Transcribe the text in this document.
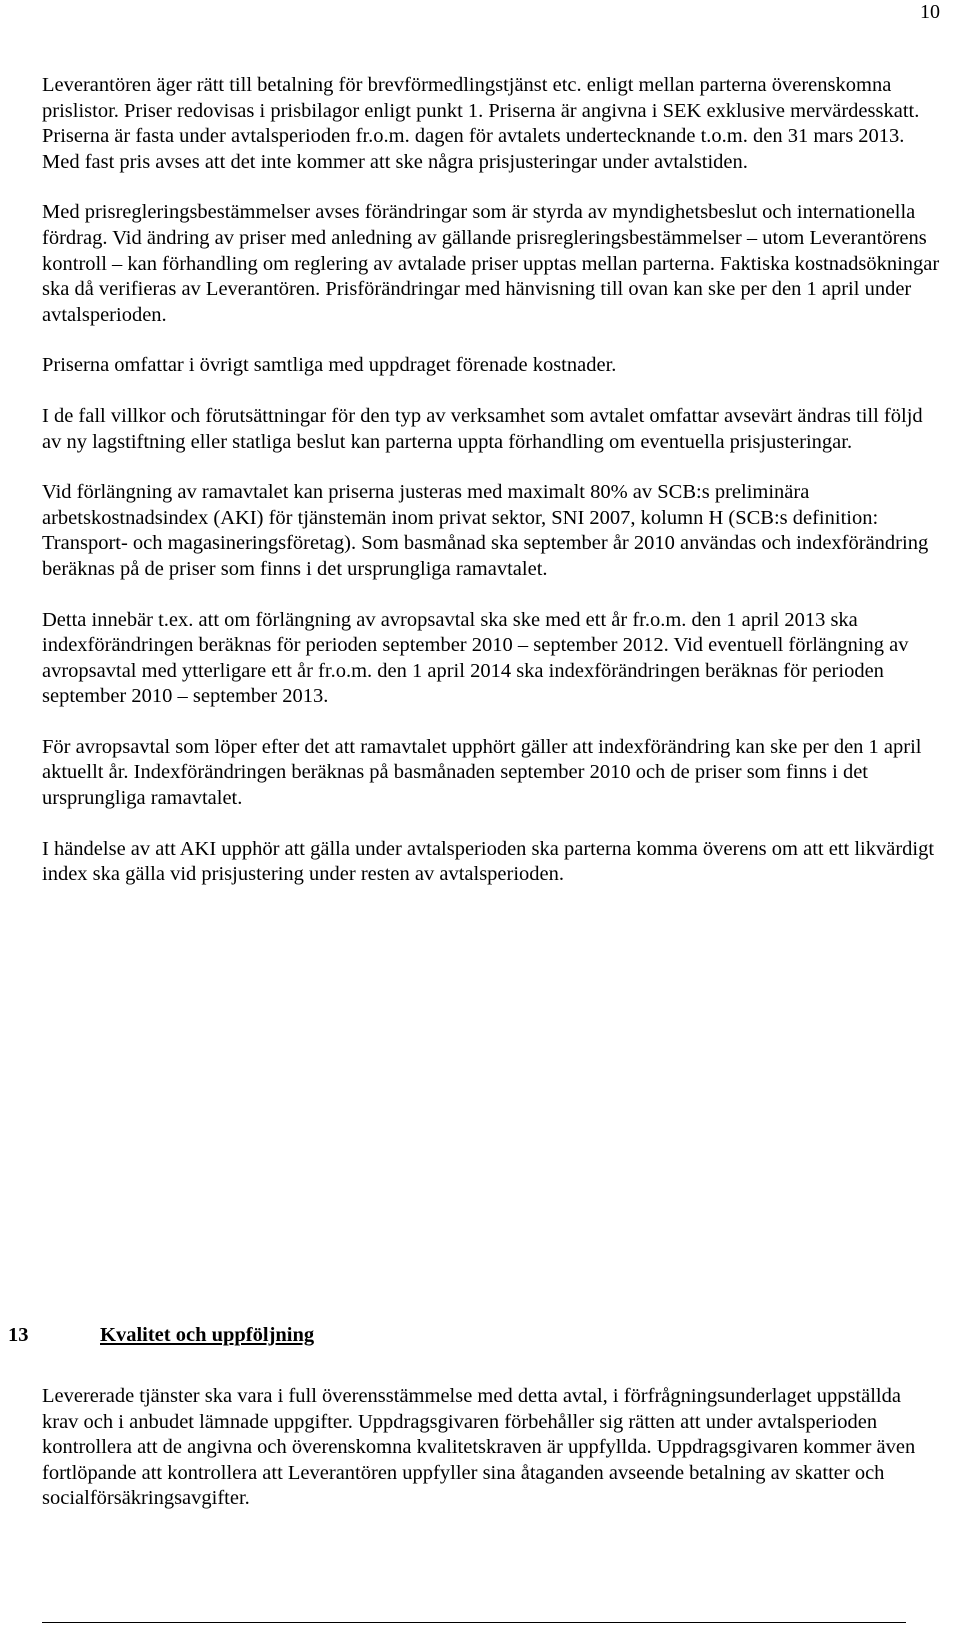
10

Leverantören äger rätt till betalning för brevförmedlingstjänst etc. enligt mellan parterna överenskomna prislistor. Priser redovisas i prisbilagor enligt punkt 1. Priserna är angivna i SEK exklusive mervärdesskatt. Priserna är fasta under avtalsperioden fr.o.m. dagen för avtalets undertecknande t.o.m. den 31 mars 2013. Med fast pris avses att det inte kommer att ske några prisjusteringar under avtalstiden.

Med prisregleringsbestämmelser avses förändringar som är styrda av myndighetsbeslut och internationella fördrag. Vid ändring av priser med anledning av gällande prisregleringsbestämmelser – utom Leverantörens kontroll – kan förhandling om reglering av avtalade priser upptas mellan parterna. Faktiska kostnadsökningar ska då verifieras av Leverantören. Prisförändringar med hänvisning till ovan kan ske per den 1 april under avtalsperioden.

Priserna omfattar i övrigt samtliga med uppdraget förenade kostnader.

I de fall villkor och förutsättningar för den typ av verksamhet som avtalet omfattar avsevärt ändras till följd av ny lagstiftning eller statliga beslut kan parterna uppta förhandling om eventuella prisjusteringar.

Vid förlängning av ramavtalet kan priserna justeras med maximalt 80% av SCB:s preliminära arbetskostnadsindex (AKI) för tjänstemän inom privat sektor, SNI 2007, kolumn H (SCB:s definition: Transport- och magasineringsföretag). Som basmånad ska september år 2010 användas och indexförändring beräknas på de priser som finns i det ursprungliga ramavtalet.

Detta innebär t.ex. att om förlängning av avropsavtal ska ske med ett år fr.o.m. den 1 april 2013 ska indexförändringen beräknas för perioden september 2010 – september 2012. Vid eventuell förlängning av avropsavtal med ytterligare ett år fr.o.m. den 1 april 2014 ska indexförändringen beräknas för perioden september 2010 – september 2013.

För avropsavtal som löper efter det att ramavtalet upphört gäller att indexförändring kan ske per den 1 april aktuellt år. Indexförändringen beräknas på basmånaden september 2010 och de priser som finns i det ursprungliga ramavtalet.

I händelse av att AKI upphör att gälla under avtalsperioden ska parterna komma överens om att ett likvärdigt index ska gälla vid prisjustering under resten av avtalsperioden.

13	Kvalitet och uppföljning

Levererade tjänster ska vara i full överensstämmelse med detta avtal, i förfrågningsunderlaget uppställda krav och i anbudet lämnade uppgifter. Uppdragsgivaren förbehåller sig rätten att under avtalsperioden kontrollera att de angivna och överenskomna kvalitetskraven är uppfyllda. Uppdragsgivaren kommer även fortlöpande att kontrollera att Leverantören uppfyller sina åtaganden avseende betalning av skatter och socialförsäkringsavgifter.
